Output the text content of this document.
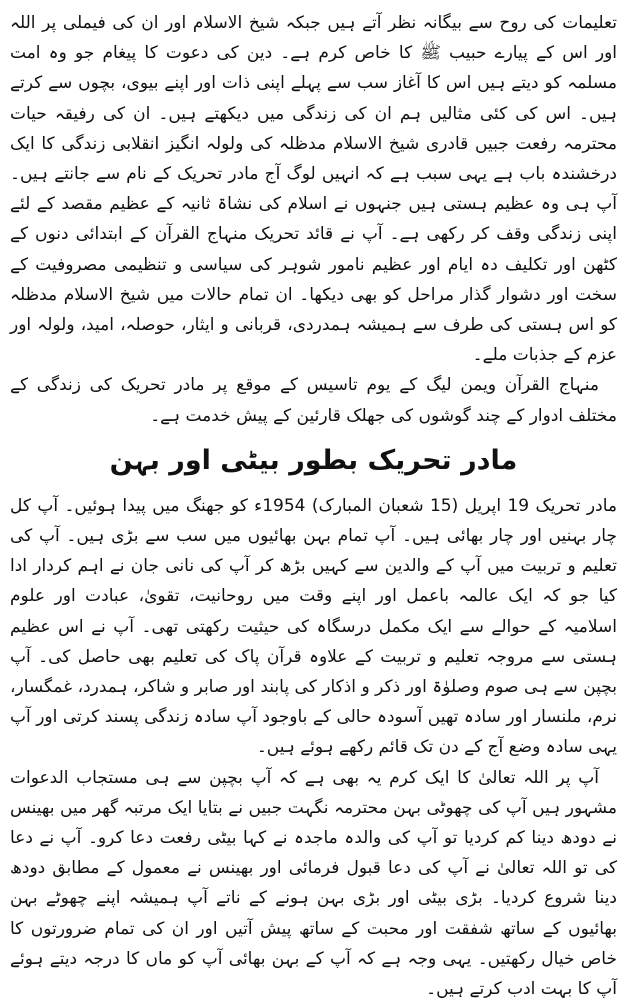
تعلیمات کی روح سے بیگانہ نظر آتے ہیں جبکہ شیخ الاسلام اور ان کی فیملی پر اللہ اور اس کے پیارے حبیب ﷺ کا خاص کرم ہے۔ دین کی دعوت کا پیغام جو وہ امت مسلمہ کو دیتے ہیں اس کا آغاز سب سے پہلے اپنی ذات اور اپنے بیوی، بچوں سے کرتے ہیں۔ اس کی کئی مثالیں ہم ان کی زندگی میں دیکھتے ہیں۔ ان کی رفیقہ حیات محترمہ رفعت جبیں قادری شیخ الاسلام مدظلہ کی ولولہ انگیز انقلابی زندگی کا ایک درخشندہ باب ہے یہی سبب ہے کہ انہیں لوگ آج مادر تحریک کے نام سے جانتے ہیں۔ آپ ہی وہ عظیم ہستی ہیں جنہوں نے اسلام کی نشاۃ ثانیہ کے عظیم مقصد کے لئے اپنی زندگی وقف کر رکھی ہے۔ آپ نے قائد تحریک منہاج القرآن کے ابتدائی دنوں کے کٹھن اور تکلیف دہ ایام اور عظیم نامور شوہر کی سیاسی و تنظیمی مصروفیت کے سخت اور دشوار گذار مراحل کو بھی دیکھا۔ ان تمام حالات میں شیخ الاسلام مدظلہ کو اس ہستی کی طرف سے ہمیشہ ہمدردی، قربانی و ایثار، حوصلہ، امید، ولولہ اور عزم کے جذبات ملے۔

منہاج القرآن ویمن لیگ کے یوم تاسیس کے موقع پر مادر تحریک کی زندگی کے مختلف ادوار کے چند گوشوں کی جھلک قارئین کے پیش خدمت ہے۔

مادر تحریک بطور بیٹی اور بہن

مادر تحریک 19 اپریل (15 شعبان المبارک) 1954ء کو جھنگ میں پیدا ہوئیں۔ آپ کل چار بہنیں اور چار بھائی ہیں۔ آپ تمام بہن بھائیوں میں سب سے بڑی ہیں۔ آپ کی تعلیم و تربیت میں آپ کے والدین سے کہیں بڑھ کر آپ کی نانی جان نے اہم کردار ادا کیا جو کہ ایک عالمہ باعمل اور اپنے وقت میں روحانیت، تقویٰ، عبادت اور علوم اسلامیہ کے حوالے سے ایک مکمل درسگاہ کی حیثیت رکھتی تھی۔ آپ نے اس عظیم ہستی سے مروجہ تعلیم و تربیت کے علاوہ قرآن پاک کی تعلیم بھی حاصل کی۔ آپ بچپن سے ہی صوم وصلوٰۃ اور ذکر و اذکار کی پابند اور صابر و شاکر، ہمدرد، غمگسار، نرم، ملنسار اور سادہ تھیں آسودہ حالی کے باوجود آپ سادہ زندگی پسند کرتی اور آپ یہی سادہ وضع آج کے دن تک قائم رکھے ہوئے ہیں۔

آپ پر اللہ تعالیٰ کا ایک کرم یہ بھی ہے کہ آپ بچپن سے ہی مستجاب الدعوات مشہور ہیں آپ کی چھوٹی بہن محترمہ نگہت جبیں نے بتایا ایک مرتبہ گھر میں بھینس نے دودھ دینا کم کردیا تو آپ کی والدہ ماجدہ نے کہا بیٹی رفعت دعا کرو۔ آپ نے دعا کی تو اللہ تعالیٰ نے آپ کی دعا قبول فرمائی اور بھینس نے معمول کے مطابق دودھ دینا شروع کردیا۔ بڑی بیٹی اور بڑی بہن ہونے کے ناتے آپ ہمیشہ اپنے چھوٹے بہن بھائیوں کے ساتھ شفقت اور محبت کے ساتھ پیش آتیں اور ان کی تمام ضرورتوں کا خاص خیال رکھتیں۔ یہی وجہ ہے کہ آپ کے بہن بھائی آپ کو ماں کا درجہ دیتے ہوئے آپ کا بہت ادب کرتے ہیں۔
